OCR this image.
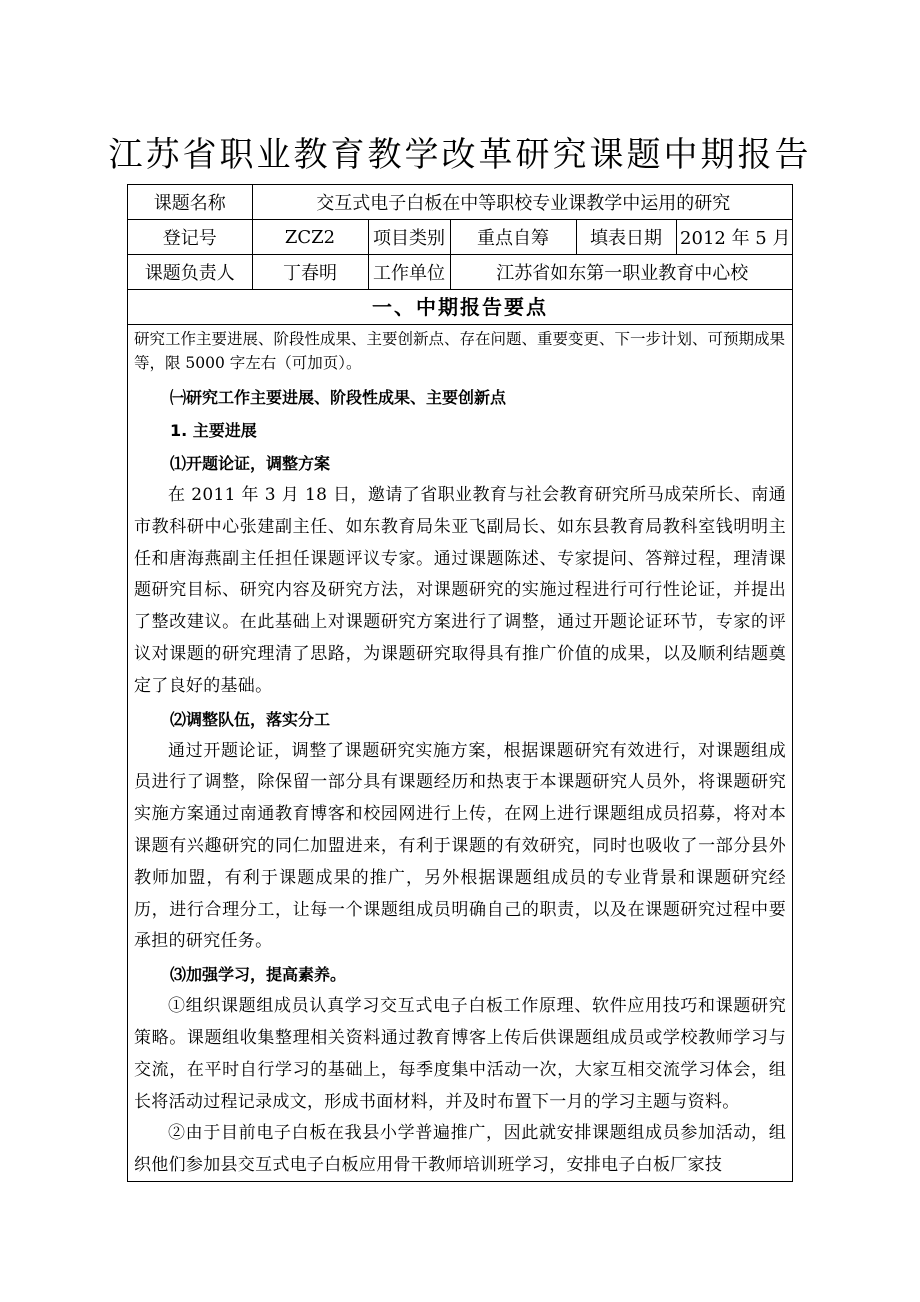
江苏省职业教育教学改革研究课题中期报告
课题名称	交互式电子白板在中等职校专业课教学中运用的研究				
登记号	ZCZ2	项目类别	重点自筹	填表日期	2012 年 5 月
课题负责人	丁春明	工作单位	江苏省如东第一职业教育中心校		
一、中期报告要点

研究工作主要进展、阶段性成果、主要创新点、存在问题、重要变更、下一步计划、可预期成果等，限 5000 字左右（可加页）。

㈠研究工作主要进展、阶段性成果、主要创新点

1. 主要进展

⑴开题论证，调整方案

在 2011 年 3 月 18 日，邀请了省职业教育与社会教育研究所马成荣所长、南通市教科研中心张建副主任、如东教育局朱亚飞副局长、如东县教育局教科室钱明明主任和唐海燕副主任担任课题评议专家。通过课题陈述、专家提问、答辩过程，理清课题研究目标、研究内容及研究方法，对课题研究的实施过程进行可行性论证，并提出了整改建议。在此基础上对课题研究方案进行了调整，通过开题论证环节，专家的评议对课题的研究理清了思路，为课题研究取得具有推广价值的成果，以及顺利结题奠定了良好的基础。

⑵调整队伍，落实分工

通过开题论证，调整了课题研究实施方案，根据课题研究有效进行，对课题组成员进行了调整，除保留一部分具有课题经历和热衷于本课题研究人员外，将课题研究实施方案通过南通教育博客和校园网进行上传，在网上进行课题组成员招募，将对本课题有兴趣研究的同仁加盟进来，有利于课题的有效研究，同时也吸收了一部分县外教师加盟，有利于课题成果的推广，另外根据课题组成员的专业背景和课题研究经历，进行合理分工，让每一个课题组成员明确自己的职责，以及在课题研究过程中要承担的研究任务。

⑶加强学习，提高素养。

①组织课题组成员认真学习交互式电子白板工作原理、软件应用技巧和课题研究策略。课题组收集整理相关资料通过教育博客上传后供课题组成员或学校教师学习与交流，在平时自行学习的基础上，每季度集中活动一次，大家互相交流学习体会，组长将活动过程记录成文，形成书面材料，并及时布置下一月的学习主题与资料。

②由于目前电子白板在我县小学普遍推广，因此就安排课题组成员参加活动，组织他们参加县交互式电子白板应用骨干教师培训班学习，安排电子白板厂家技
